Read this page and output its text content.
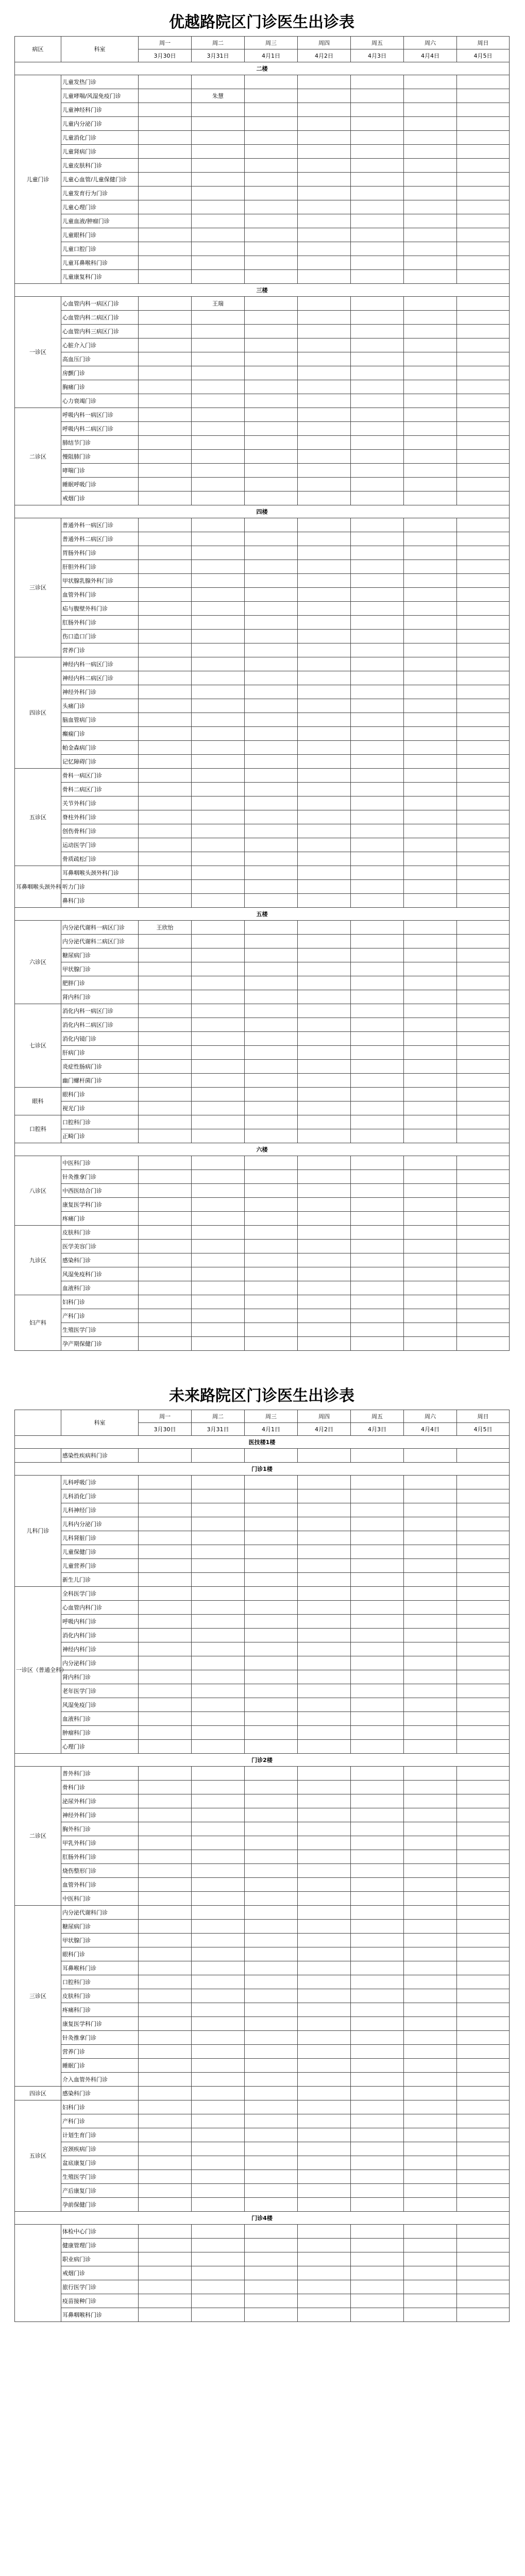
优越路院区门诊医生出诊表
病区	科室	周一	周二	周三	周四	周五	周六	周日
		3月30日	3月31日	4月1日	4月2日	4月3日	4月4日	4月5日
二楼								
儿童门诊	儿童发热门诊							
	儿童哮喘/风湿免疫门诊		朱慧					
	儿童神经科门诊							
	儿童内分泌门诊							
	儿童消化门诊							
	儿童肾病门诊							
	儿童皮肤科门诊							
	儿童心血管/儿童保健门诊							
	儿童发育行为门诊							
	儿童心理门诊							
	儿童血液/肿瘤门诊							
	儿童眼科门诊							
	儿童口腔门诊							
	儿童耳鼻喉科门诊							
	儿童康复科门诊							
三楼								
一诊区	心血管内科一病区门诊		王瑞					
	心血管内科二病区门诊							
	心血管内科三病区门诊							
	心脏介入门诊							
	高血压门诊							
	房颤门诊							
	胸痛门诊							
	心力衰竭门诊							
二诊区	呼吸内科一病区门诊							
	呼吸内科二病区门诊							
	肺结节门诊							
	慢阻肺门诊							
	哮喘门诊							
	睡眠呼吸门诊							
	戒烟门诊							
四楼								
三诊区	普通外科一病区门诊							
	普通外科二病区门诊							
	胃肠外科门诊							
	肝胆外科门诊							
	甲状腺乳腺外科门诊							
	血管外科门诊							
	疝与腹壁外科门诊							
	肛肠外科门诊							
	伤口造口门诊							
	营养门诊							
四诊区	神经内科一病区门诊							
	神经内科二病区门诊							
	神经外科门诊							
	头痛门诊							
	脑血管病门诊							
	癫痫门诊							
	帕金森病门诊							
	记忆障碍门诊							
五诊区	骨科一病区门诊							
	骨科二病区门诊							
	关节外科门诊							
	脊柱外科门诊							
	创伤骨科门诊							
	运动医学门诊							
	骨质疏松门诊							
耳鼻咽喉头颈外科	耳鼻咽喉头颈外科门诊							
	听力门诊							
	鼻科门诊							
五楼								
六诊区	内分泌代谢科一病区门诊	王欣怡						
	内分泌代谢科二病区门诊							
	糖尿病门诊							
	甲状腺门诊							
	肥胖门诊							
	肾内科门诊							
七诊区	消化内科一病区门诊							
	消化内科二病区门诊							
	消化内镜门诊							
	肝病门诊							
	炎症性肠病门诊							
	幽门螺杆菌门诊							
眼科	眼科门诊							
	视光门诊							
口腔科	口腔科门诊							
	正畸门诊							
六楼								
八诊区	中医科门诊							
	针灸推拿门诊							
	中西医结合门诊							
	康复医学科门诊							
	疼痛门诊							
九诊区	皮肤科门诊							
	医学美容门诊							
	感染科门诊							
	风湿免疫科门诊							
	血液科门诊							
妇产科	妇科门诊							
	产科门诊							
	生殖医学门诊							
	孕产期保健门诊							
未来路院区门诊医生出诊表
	科室	周一	周二	周三	周四	周五	周六	周日
		3月30日	3月31日	4月1日	4月2日	4月3日	4月4日	4月5日
医技楼1楼								
	感染性疾病科门诊							
门诊1楼								
儿科门诊	儿科呼吸门诊							
	儿科消化门诊							
	儿科神经门诊							
	儿科内分泌门诊							
	儿科肾脏门诊							
	儿童保健门诊							
	儿童营养门诊							
	新生儿门诊							
一诊区（普通全科）	全科医学门诊							
	心血管内科门诊							
	呼吸内科门诊							
	消化内科门诊							
	神经内科门诊							
	内分泌科门诊							
	肾内科门诊							
	老年医学门诊							
	风湿免疫门诊							
	血液科门诊							
	肿瘤科门诊							
	心理门诊							
门诊2楼								
二诊区	普外科门诊							
	骨科门诊							
	泌尿外科门诊							
	神经外科门诊							
	胸外科门诊							
	甲乳外科门诊							
	肛肠外科门诊							
	烧伤整形门诊							
	血管外科门诊							
	中医科门诊							
三诊区	内分泌代谢科门诊							
	糖尿病门诊							
	甲状腺门诊							
	眼科门诊							
	耳鼻喉科门诊							
	口腔科门诊							
	皮肤科门诊							
	疼痛科门诊							
	康复医学科门诊							
	针灸推拿门诊							
	营养门诊							
	睡眠门诊							
	介入血管外科门诊							
四诊区	感染科门诊							
五诊区	妇科门诊							
	产科门诊							
	计划生育门诊							
	宫颈疾病门诊							
	盆底康复门诊							
	生殖医学门诊							
	产后康复门诊							
	孕前保健门诊							
门诊4楼								
	体检中心门诊							
	健康管理门诊							
	职业病门诊							
	戒烟门诊							
	旅行医学门诊							
	疫苗接种门诊							
	耳鼻咽喉科门诊							
